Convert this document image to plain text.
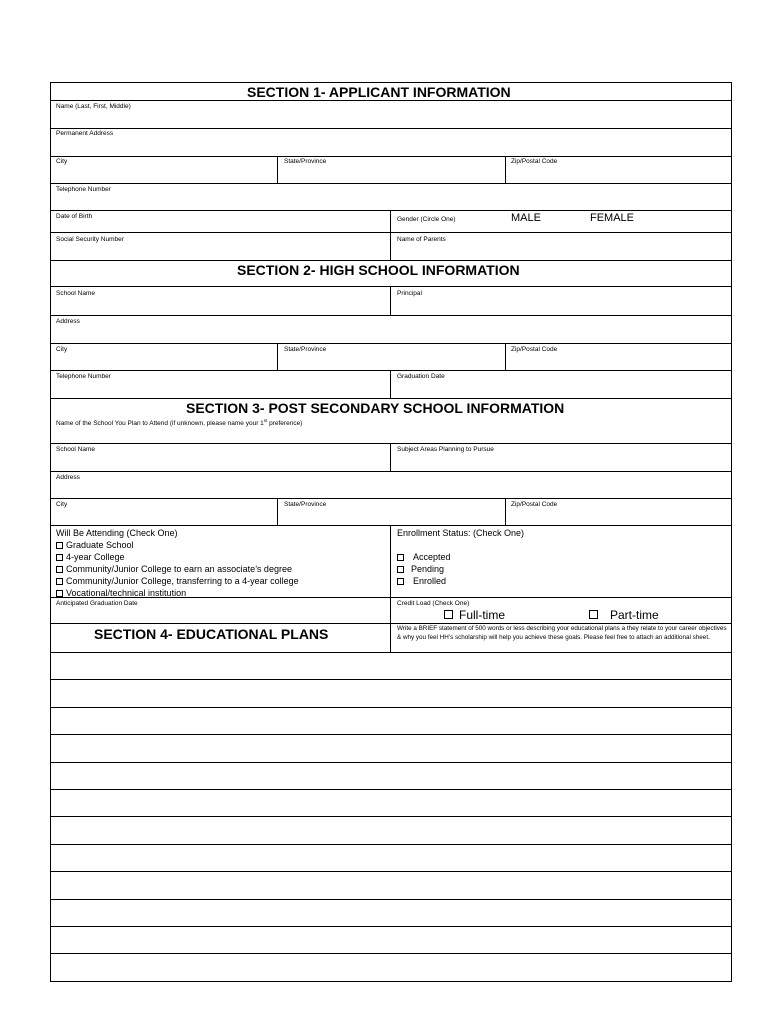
SECTION 1- APPLICANT INFORMATION
Name (Last, First, Middle)
Permanent Address
City	State/Province	Zip/Postal Code
Telephone Number
Date of Birth	Gender (Circle One)	MALE	FEMALE
Social Security Number	Name of Parents
SECTION 2- HIGH SCHOOL INFORMATION
School Name	Principal
Address
City	State/Province	Zip/Postal Code
Telephone Number	Graduation Date
SECTION 3- POST SECONDARY SCHOOL INFORMATION
Name of the School You Plan to Attend (if unknown, please name your 1st preference)
School Name	Subject Areas Planning to Pursue
Address
City	State/Province	Zip/Postal Code
Will Be Attending (Check One)
Graduate School
4-year College
Community/Junior College to earn an associate’s degree
Community/Junior College, transferring to a 4-year college
Vocational/technical institution
Enrollment Status: (Check One)
Accepted
Pending
Enrolled
Anticipated Graduation Date	Credit Load (Check One)
Full-time	Part-time
SECTION 4- EDUCATIONAL PLANS	Write a BRIEF statement of 500 words or less describing your educational plans a they relate to your career objectives & why you feel HH’s scholarship will help you achieve these goals. Please feel free to attach an additional sheet.
